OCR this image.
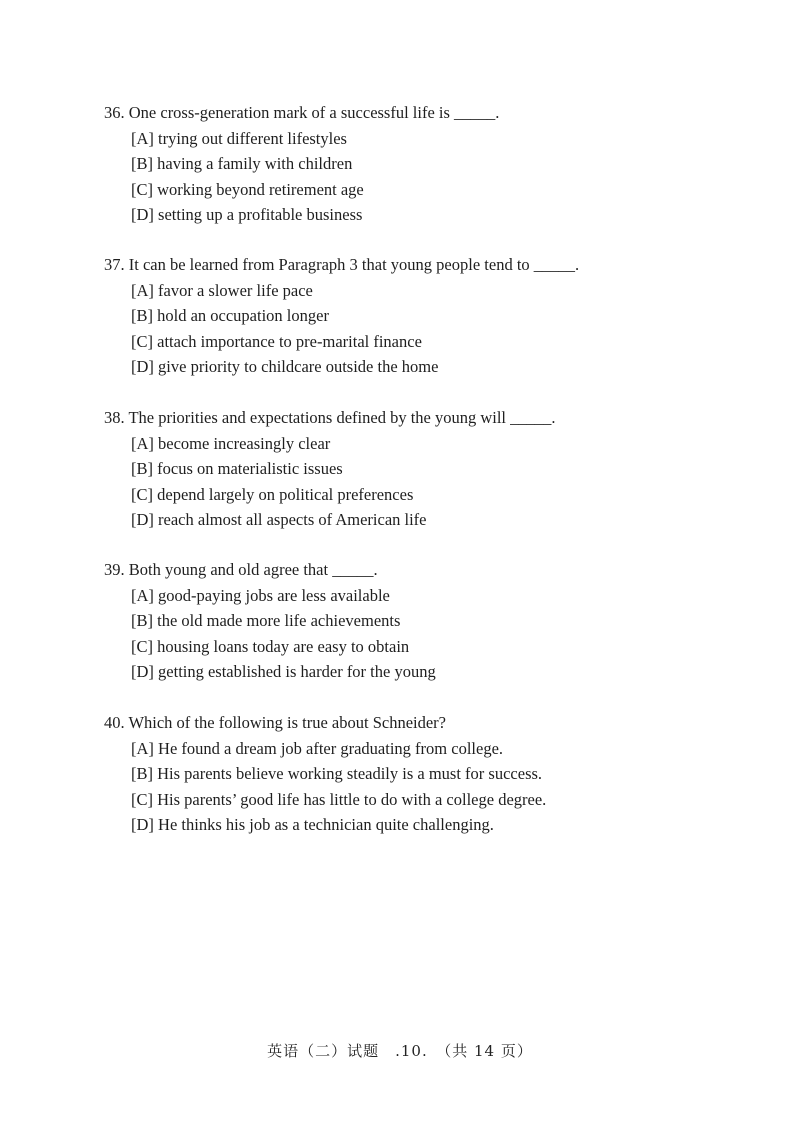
36. One cross-generation mark of a successful life is _____.
[A] trying out different lifestyles
[B] having a family with children
[C] working beyond retirement age
[D] setting up a profitable business
37. It can be learned from Paragraph 3 that young people tend to _____.
[A] favor a slower life pace
[B] hold an occupation longer
[C] attach importance to pre-marital finance
[D] give priority to childcare outside the home
38. The priorities and expectations defined by the young will _____.
[A] become increasingly clear
[B] focus on materialistic issues
[C] depend largely on political preferences
[D] reach almost all aspects of American life
39. Both young and old agree that _____.
[A] good-paying jobs are less available
[B] the old made more life achievements
[C] housing loans today are easy to obtain
[D] getting established is harder for the young
40. Which of the following is true about Schneider?
[A] He found a dream job after graduating from college.
[B] His parents believe working steadily is a must for success.
[C] His parents’ good life has little to do with a college degree.
[D] He thinks his job as a technician quite challenging.
英语（二）试题　.10.　（共 14 页）
